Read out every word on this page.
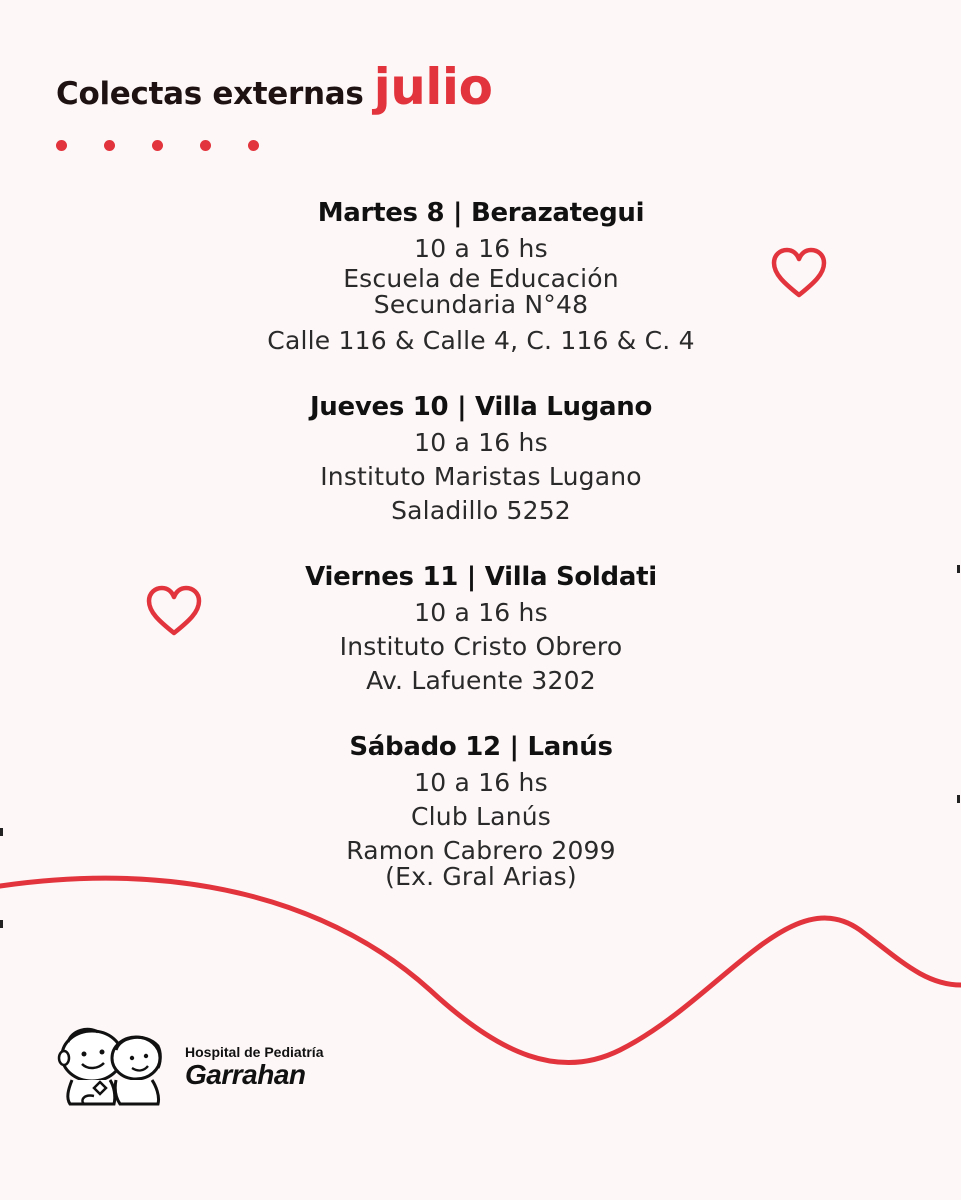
Colectas externas julio
Martes 8 | Berazategui
10 a 16 hs
Escuela de Educación
Secundaria N°48
Calle 116 & Calle 4, C. 116 & C. 4
Jueves 10 | Villa Lugano
10 a 16 hs
Instituto Maristas Lugano
Saladillo 5252
Viernes 11 | Villa Soldati
10 a 16 hs
Instituto Cristo Obrero
Av. Lafuente 3202
Sábado 12 | Lanús
10 a 16 hs
Club Lanús
Ramon Cabrero 2099
(Ex. Gral Arias)
Hospital de Pediatría
Garrahan
